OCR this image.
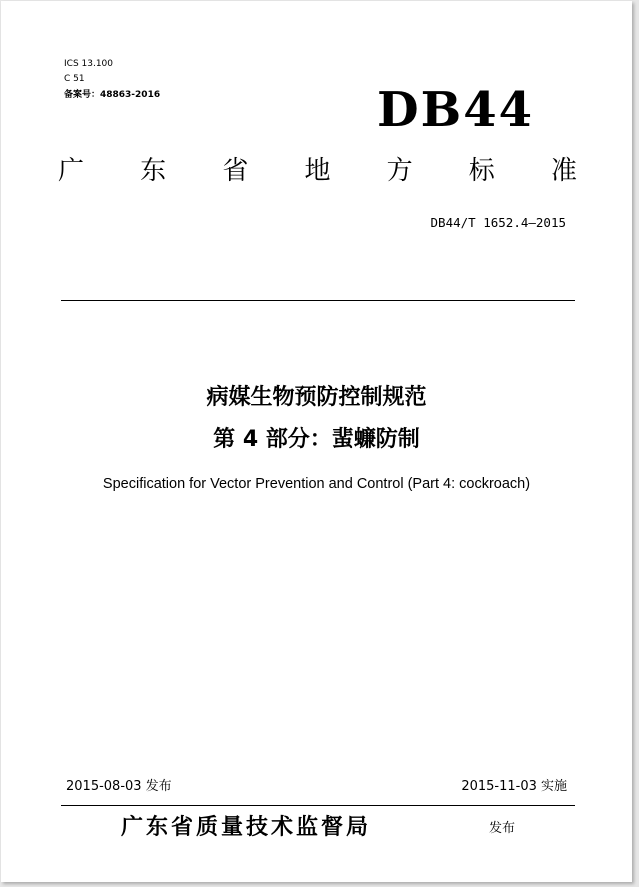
ICS 13.100

C 51

备案号：48863-2016	DB44
广 东 省 地 方 标 准

DB44/T 1652.4—2015

病媒生物预防控制规范
第 4 部分：蜚蠊防制

Specification for Vector Prevention and Control (Part 4: cockroach)

2015-08-03 发布	2015-11-03 实施

广东省质量技术监督局	发布
